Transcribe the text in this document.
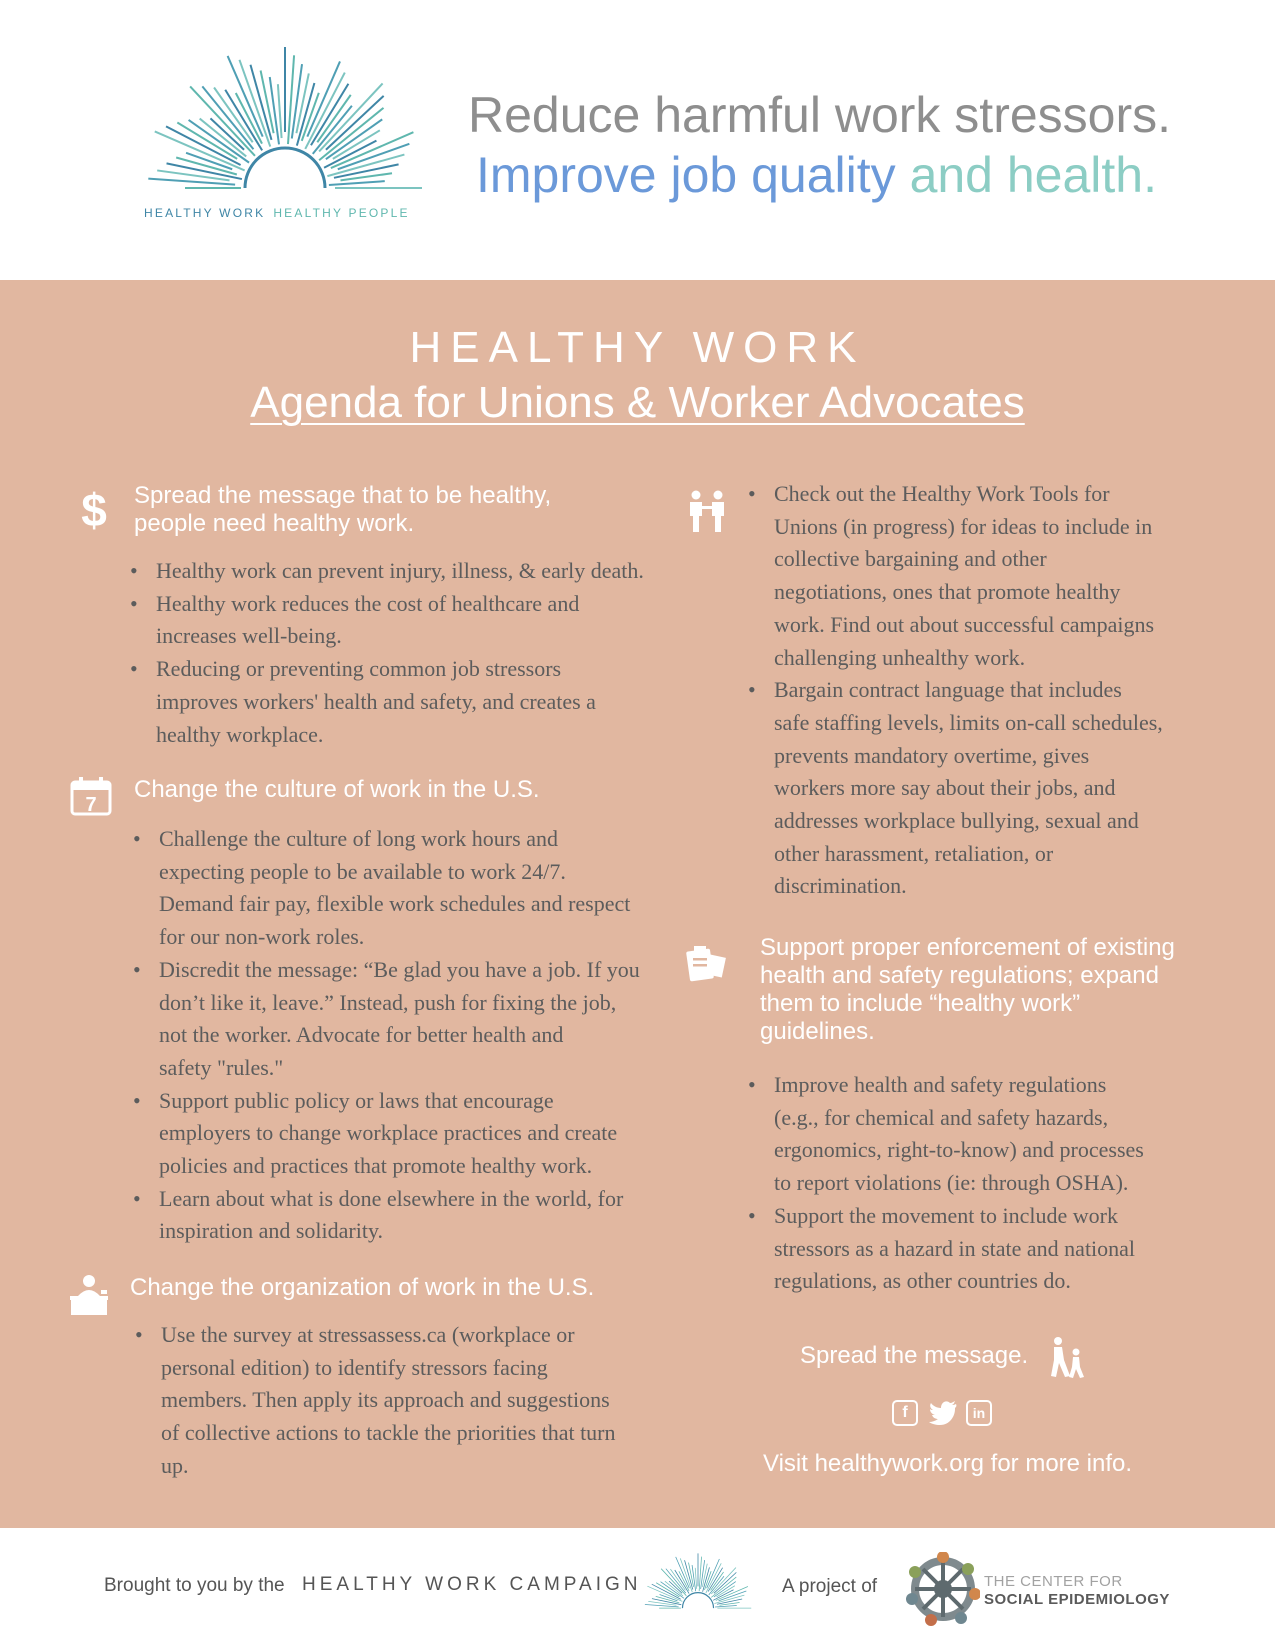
HEALTHY WORK HEALTHY PEOPLE
Reduce harmful work stressors.
Improve job quality and health.
HEALTHY WORK
Agenda for Unions & Worker Advocates
$ Spread the message that to be healthy,
people need healthy work.
• Healthy work can prevent injury, illness, & early death.
• Healthy work reduces the cost of healthcare and
increases well-being.
• Reducing or preventing common job stressors
improves workers' health and safety, and creates a
healthy workplace.
7
Change the culture of work in the U.S.
• Challenge the culture of long work hours and
expecting people to be available to work 24/7.
Demand fair pay, flexible work schedules and respect
for our non-work roles.
• Discredit the message: “Be glad you have a job. If you
don’t like it, leave.” Instead, push for fixing the job,
not the worker. Advocate for better health and
safety "rules."
• Support public policy or laws that encourage
employers to change workplace practices and create
policies and practices that promote healthy work.
• Learn about what is done elsewhere in the world, for
inspiration and solidarity.
Change the organization of work in the U.S.
• Use the survey at stressassess.ca (workplace or
personal edition) to identify stressors facing
members. Then apply its approach and suggestions
of collective actions to tackle the priorities that turn
up.
• Check out the Healthy Work Tools for
Unions (in progress) for ideas to include in
collective bargaining and other
negotiations, ones that promote healthy
work. Find out about successful campaigns
challenging unhealthy work.
• Bargain contract language that includes
safe staffing levels, limits on-call schedules,
prevents mandatory overtime, gives
workers more say about their jobs, and
addresses workplace bullying, sexual and
other harassment, retaliation, or
discrimination.
Support proper enforcement of existing
health and safety regulations; expand
them to include “healthy work”
guidelines.
• Improve health and safety regulations
(e.g., for chemical and safety hazards,
ergonomics, right-to-know) and processes
to report violations (ie: through OSHA).
• Support the movement to include work
stressors as a hazard in state and national
regulations, as other countries do.
Spread the message.
f	in
Visit healthywork.org for more info.
Brought to you by the HEALTHY WORK CAMPAIGN	A project of	THE CENTER FOR
SOCIAL EPIDEMIOLOGY
